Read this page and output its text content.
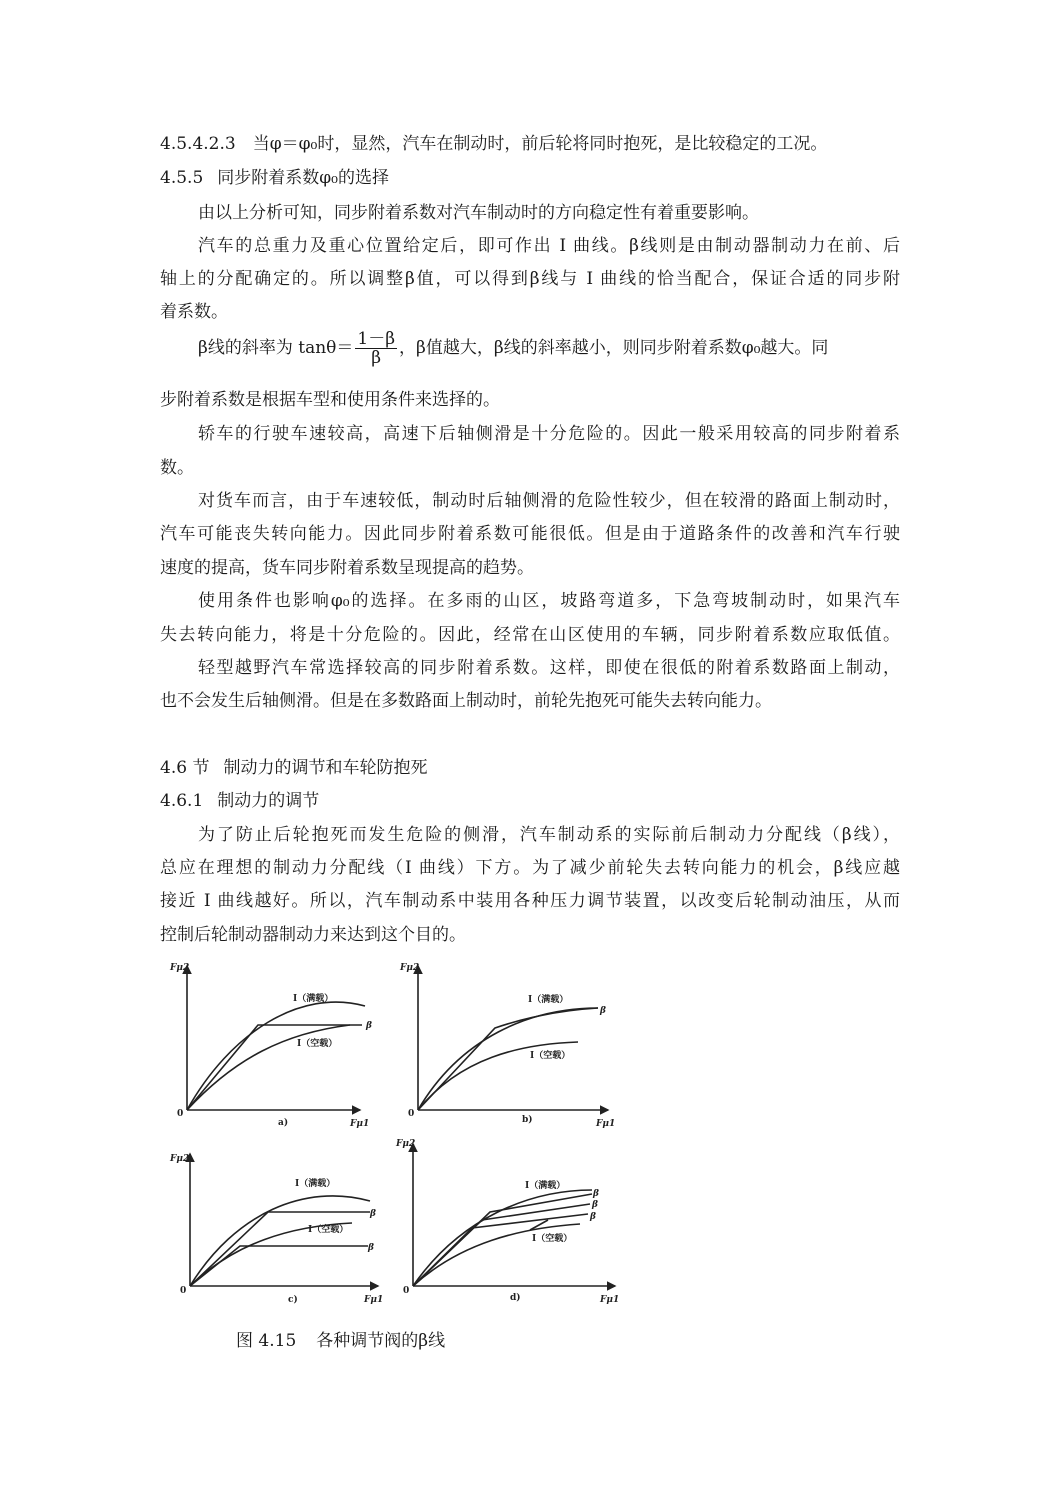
4.5.4.2.3　当φ＝φ₀时，显然，汽车在制动时，前后轮将同时抱死，是比较稳定的工况。
4.5.5 同步附着系数φ₀的选择
由以上分析可知，同步附着系数对汽车制动时的方向稳定性有着重要影响。
汽车的总重力及重心位置给定后，即可作出 I 曲线。β线则是由制动器制动力在前、后
轴上的分配确定的。所以调整β值，可以得到β线与 I 曲线的恰当配合，保证合适的同步附
着系数。
β线的斜率为 $\tan\theta= \frac{1-\beta}{\beta}$ ，β值越大，β线的斜率越小，则同步附着系数φ₀越大。同
步附着系数是根据车型和使用条件来选择的。
轿车的行驶车速较高，高速下后轴侧滑是十分危险的。因此一般采用较高的同步附着系
数。
对货车而言，由于车速较低，制动时后轴侧滑的危险性较少，但在较滑的路面上制动时，
汽车可能丧失转向能力。因此同步附着系数可能很低。但是由于道路条件的改善和汽车行驶
速度的提高，货车同步附着系数呈现提高的趋势。
使用条件也影响φ₀的选择。在多雨的山区，坡路弯道多，下急弯坡制动时，如果汽车
失去转向能力，将是十分危险的。因此，经常在山区使用的车辆，同步附着系数应取低值。
轻型越野汽车常选择较高的同步附着系数。这样，即使在很低的附着系数路面上制动，
也不会发生后轴侧滑。但是在多数路面上制动时，前轮先抱死可能失去转向能力。
4.6 节 制动力的调节和车轮防抱死
4.6.1 制动力的调节
为了防止后轮抱死而发生危险的侧滑，汽车制动系的实际前后制动力分配线（β线），
总应在理想的制动力分配线（I 曲线）下方。为了减少前轮失去转向能力的机会，β线应越
接近 I 曲线越好。所以，汽车制动系中装用各种压力调节装置，以改变后轮制动油压，从而
控制后轮制动器制动力来达到这个目的。
Fμ2
0
Fμ1
I（满载）
I（空载）
β
a)
Fμ2
0
Fμ1
I（满载）
I（空载）
β
b)
Fμ2
0
Fμ1
I（满载）
I（空载）
β
β
c)
Fμ2
0
Fμ1
I（满载）
I（空载）
β
β
β
d)
图 4.15 各种调节阀的β线
